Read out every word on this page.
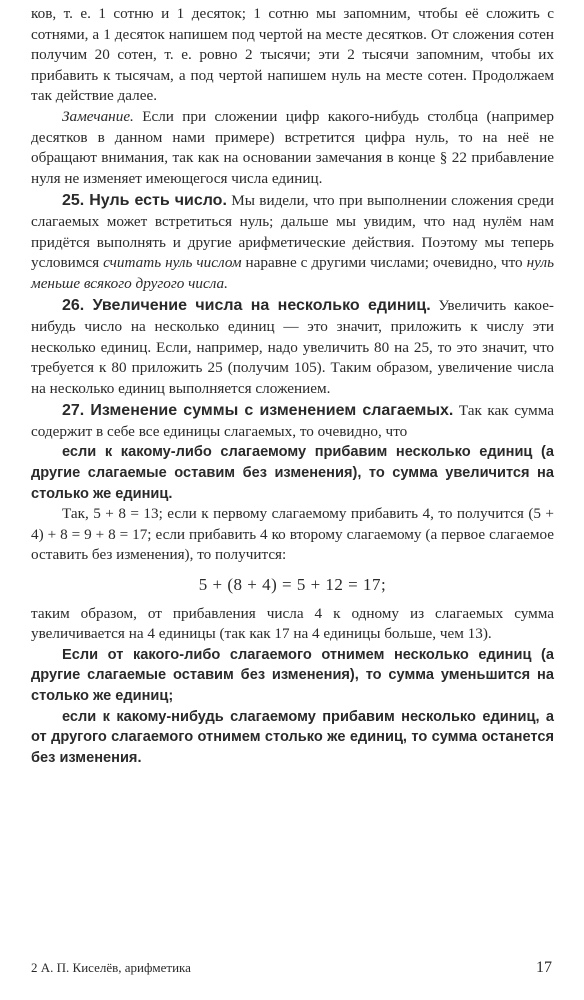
ков, т. е. 1 сотню и 1 десяток; 1 сотню мы запомним, чтобы её сложить с сотнями, а 1 десяток напишем под чертой на месте десятков. От сложения сотен получим 20 сотен, т. е. ровно 2 тысячи; эти 2 тысячи запомним, чтобы их прибавить к тысячам, а под чертой напишем нуль на месте сотен. Продолжаем так действие далее.

Замечание. Если при сложении цифр какого-нибудь столбца (например десятков в данном нами примере) встретится цифра нуль, то на неё не обращают внимания, так как на основании замечания в конце § 22 прибавление нуля не изменяет имеющегося числа единиц.

25. Нуль есть число. Мы видели, что при выполнении сложения среди слагаемых может встретиться нуль; дальше мы увидим, что над нулём нам придётся выполнять и другие арифметические действия. Поэтому мы теперь условимся считать нуль числом наравне с другими числами; очевидно, что нуль меньше всякого другого числа.

26. Увеличение числа на несколько единиц. Увеличить какое-нибудь число на несколько единиц — это значит, приложить к числу эти несколько единиц. Если, например, надо увеличить 80 на 25, то это значит, что требуется к 80 приложить 25 (получим 105). Таким образом, увеличение числа на несколько единиц выполняется сложением.

27. Изменение суммы с изменением слагаемых. Так как сумма содержит в себе все единицы слагаемых, то очевидно, что

если к какому-либо слагаемому прибавим несколько единиц (а другие слагаемые оставим без изменения), то сумма увеличится на столько же единиц.

Так, 5 + 8 = 13; если к первому слагаемому прибавить 4, то получится (5 + 4) + 8 = 9 + 8 = 17; если прибавить 4 ко второму слагаемому (а первое слагаемое оставить без изменения), то получится:

5 + (8 + 4) = 5 + 12 = 17;

таким образом, от прибавления числа 4 к одному из слагаемых сумма увеличивается на 4 единицы (так как 17 на 4 единицы больше, чем 13).

Если от какого-либо слагаемого отнимем несколько единиц (а другие слагаемые оставим без изменения), то сумма уменьшится на столько же единиц;

если к какому-нибудь слагаемому прибавим несколько единиц, а от другого слагаемого отнимем столько же единиц, то сумма останется без изменения.

2 А. П. Киселёв, арифметика	17
